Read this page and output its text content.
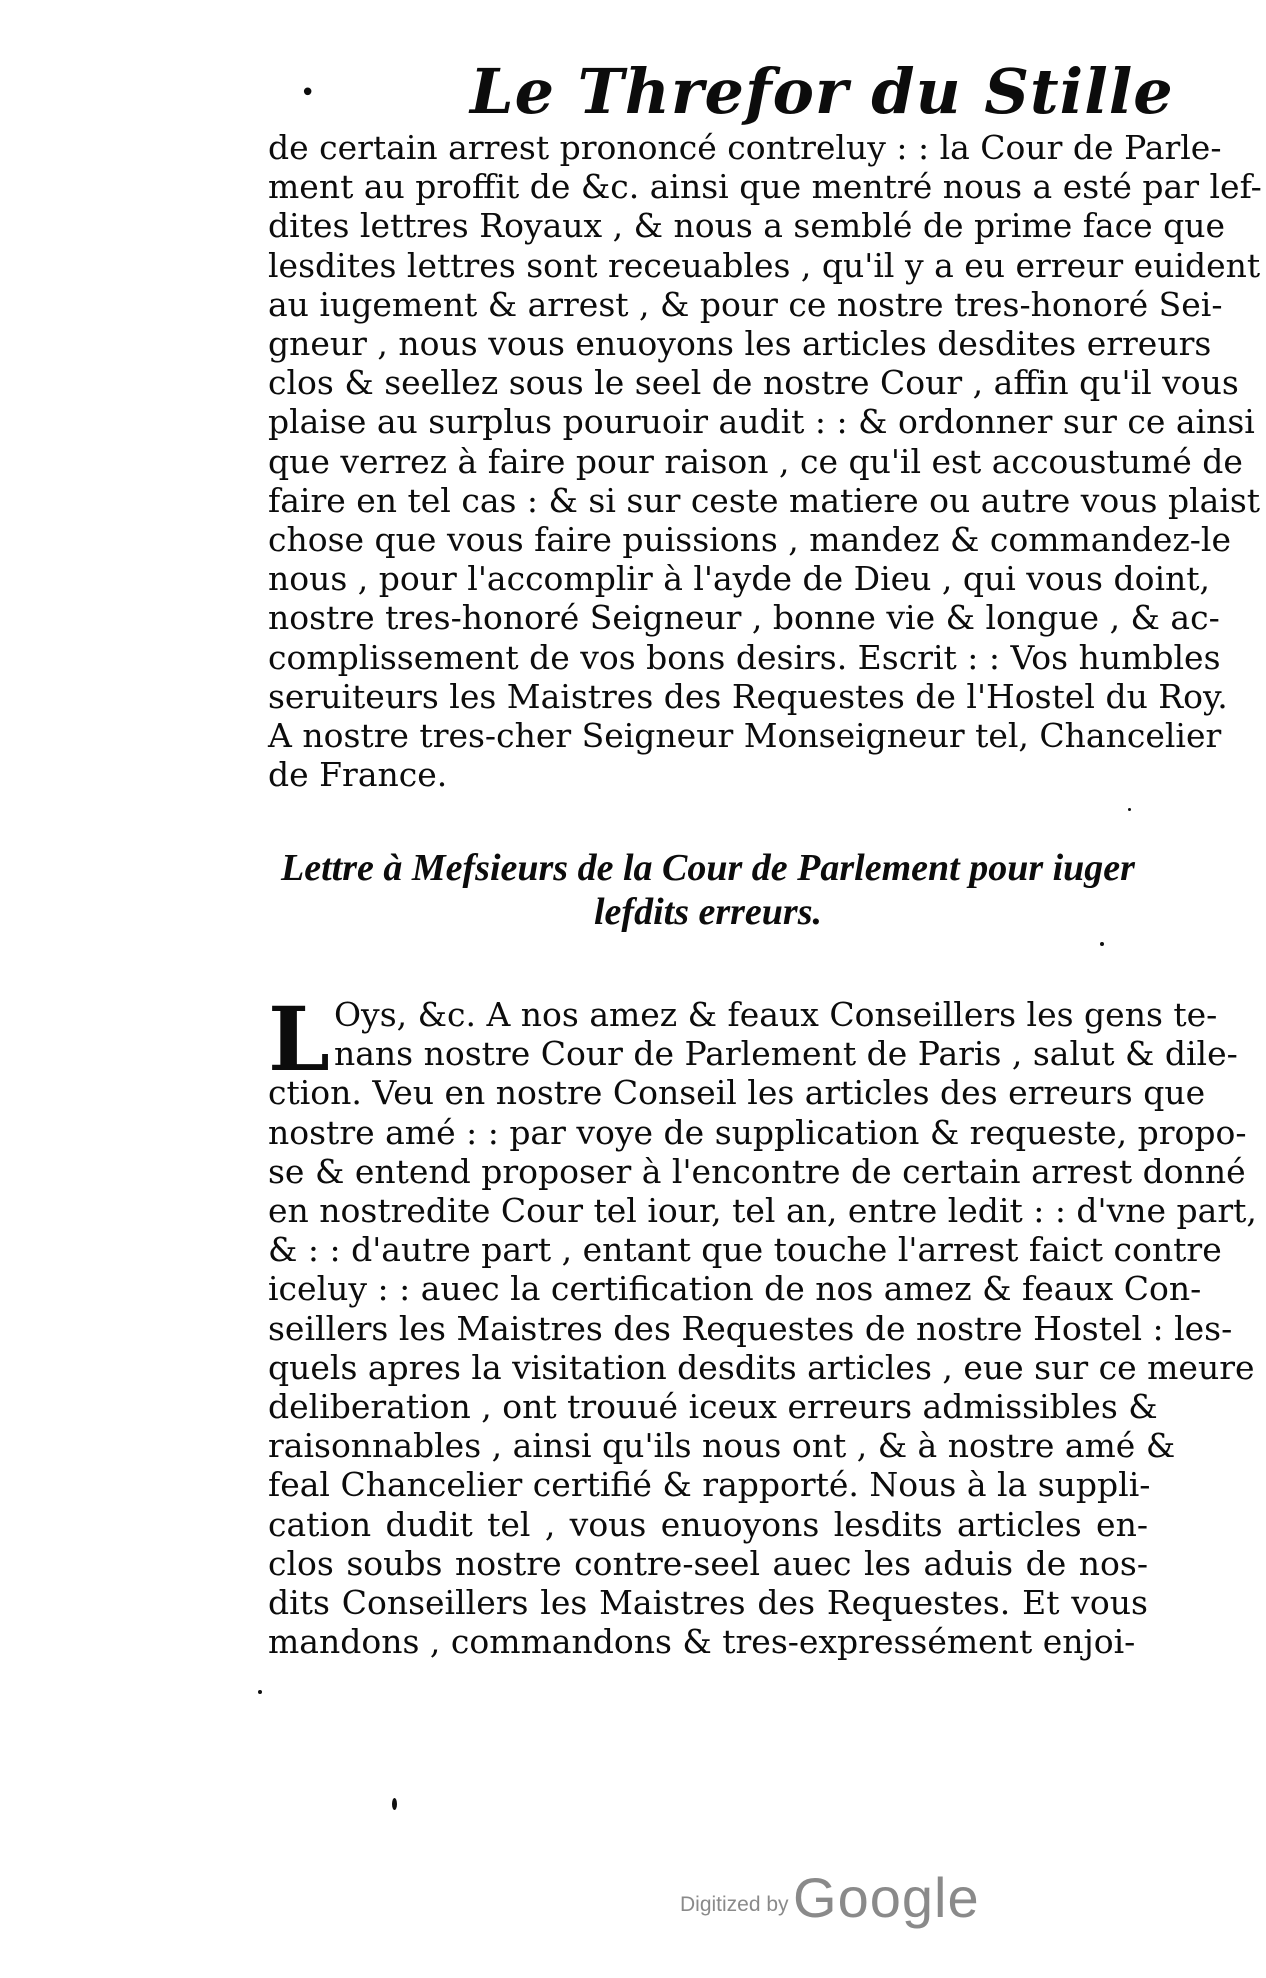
• Le Threfor du Stille
de certain arrest prononcé contreluy : : la Cour de Parle-
ment au proffit de &c. ainsi que mentré nous a esté par lef-
dites lettres Royaux , & nous a semblé de prime face que
lesdites lettres sont receuables , qu'il y a eu erreur euident
au iugement & arrest , & pour ce nostre tres-honoré Sei-
gneur , nous vous enuoyons les articles desdites erreurs
clos & seellez sous le seel de nostre Cour , affin qu'il vous
plaise au surplus pouruoir audit : : & ordonner sur ce ainsi
que verrez à faire pour raison , ce qu'il est accoustumé de
faire en tel cas : & si sur ceste matiere ou autre vous plaist
chose que vous faire puissions , mandez & commandez-le
nous , pour l'accomplir à l'ayde de Dieu , qui vous doint,
nostre tres-honoré Seigneur , bonne vie & longue , & ac-
complissement de vos bons desirs. Escrit : : Vos humbles
seruiteurs les Maistres des Requestes de l'Hostel du Roy.
A nostre tres-cher Seigneur Monseigneur tel, Chancelier
de France.
Lettre à Mefsieurs de la Cour de Parlement pour iuger
lefdits erreurs.
L Oys, &c. A nos amez & feaux Conseillers les gens te-
nans nostre Cour de Parlement de Paris , salut & dile-
ction. Veu en nostre Conseil les articles des erreurs que
nostre amé : : par voye de supplication & requeste, propo-
se & entend proposer à l'encontre de certain arrest donné
en nostredite Cour tel iour, tel an, entre ledit : : d'vne part,
& : : d'autre part , entant que touche l'arrest faict contre
iceluy : : auec la certification de nos amez & feaux Con-
seillers les Maistres des Requestes de nostre Hostel : les-
quels apres la visitation desdits articles , eue sur ce meure
deliberation , ont trouué iceux erreurs admissibles &
raisonnables , ainsi qu'ils nous ont , & à nostre amé &
feal Chancelier certifié & rapporté. Nous à la suppli-
cation dudit tel , vous enuoyons lesdits articles en-
clos soubs nostre contre-seel auec les aduis de nos-
dits Conseillers les Maistres des Requestes. Et vous
mandons , commandons & tres-expressément enjoi-
Digitized by Google
